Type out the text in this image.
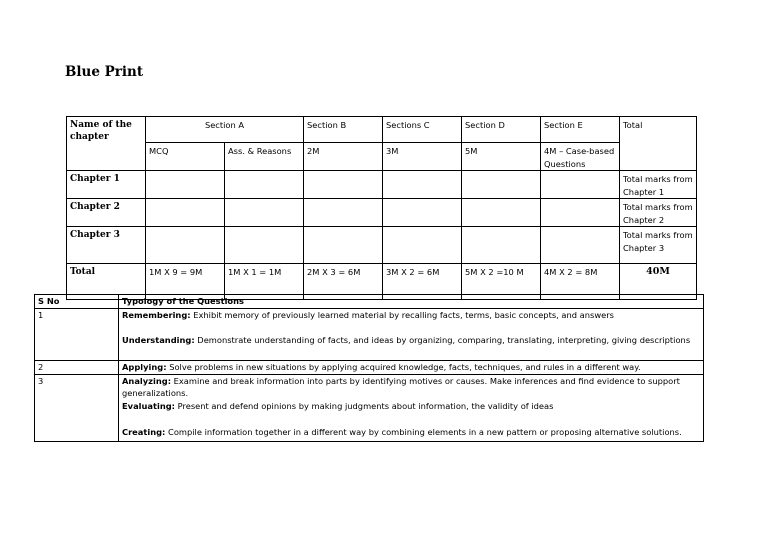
Blue Print
Name of the chapter	Section A		Section B	Sections C	Section D	Section E	Total
	MCQ	Ass. & Reasons	2M	3M	5M	4M – Case-based Questions	
Chapter 1							Total marks from Chapter 1
Chapter 2							Total marks from Chapter 2
Chapter 3							Total marks from Chapter 3
Total	1M X 9 = 9M	1M X 1 = 1M	2M X 3 = 6M	3M X 2 = 6M	5M X 2 =10 M	4M X 2 = 8M	40M
S No	Typology of the Questions
1	Remembering: Exhibit memory of previously learned material by recalling facts, terms, basic concepts, and answers
Understanding: Demonstrate understanding of facts, and ideas by organizing, comparing, translating, interpreting, giving descriptions
2	Applying: Solve problems in new situations by applying acquired knowledge, facts, techniques, and rules in a different way.
3	Analyzing: Examine and break information into parts by identifying motives or causes. Make inferences and find evidence to support generalizations.
Evaluating: Present and defend opinions by making judgments about information, the validity of ideas
Creating: Compile information together in a different way by combining elements in a new pattern or proposing alternative solutions.
